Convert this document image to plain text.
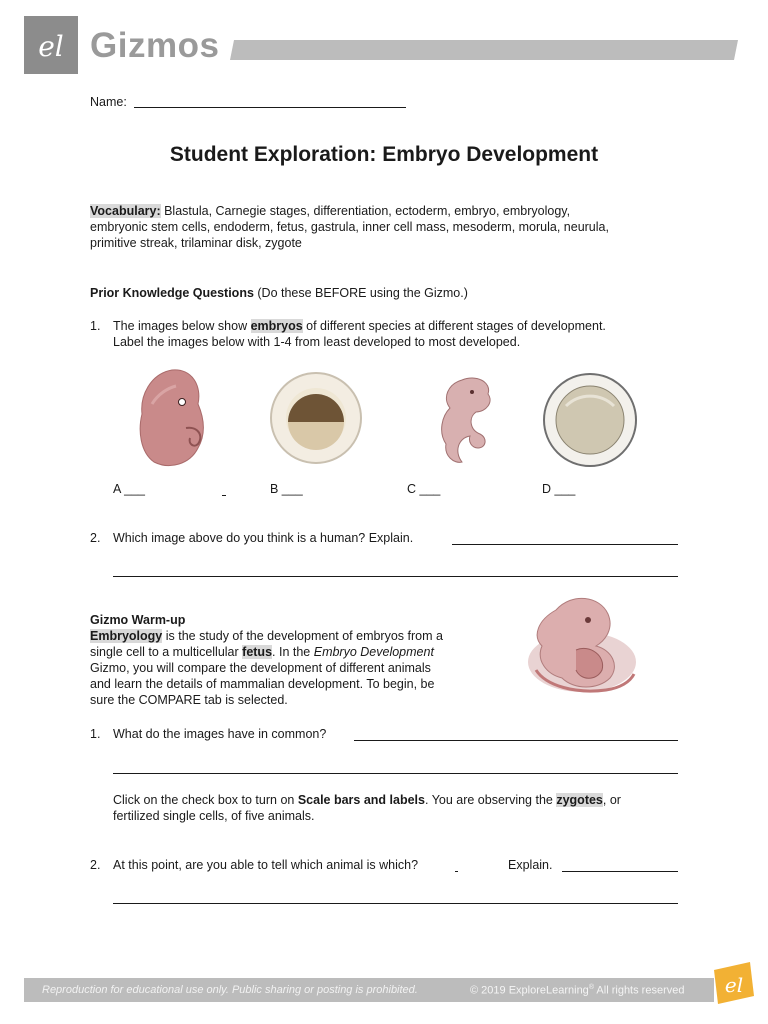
el Gizmos
Name:
Student Exploration: Embryo Development
Vocabulary: Blastula, Carnegie stages, differentiation, ectoderm, embryo, embryology,
embryonic stem cells, endoderm, fetus, gastrula, inner cell mass, mesoderm, morula, neurula,
primitive streak, trilaminar disk, zygote
Prior Knowledge Questions (Do these BEFORE using the Gizmo.)
1. The images below show embryos of different species at different stages of development.
Label the images below with 1-4 from least developed to most developed.
A ___	B ___	C ___	D ___
2. Which image above do you think is a human? Explain.
Gizmo Warm-up
Embryology is the study of the development of embryos from a
single cell to a multicellular fetus. In the Embryo Development
Gizmo, you will compare the development of different animals
and learn the details of mammalian development. To begin, be
sure the COMPARE tab is selected.
1. What do the images have in common?
Click on the check box to turn on Scale bars and labels. You are observing the zygotes, or
fertilized single cells, of five animals.
2. At this point, are you able to tell which animal is which?	Explain.
Reproduction for educational use only. Public sharing or posting is prohibited.	© 2019 ExploreLearning® All rights reserved el
